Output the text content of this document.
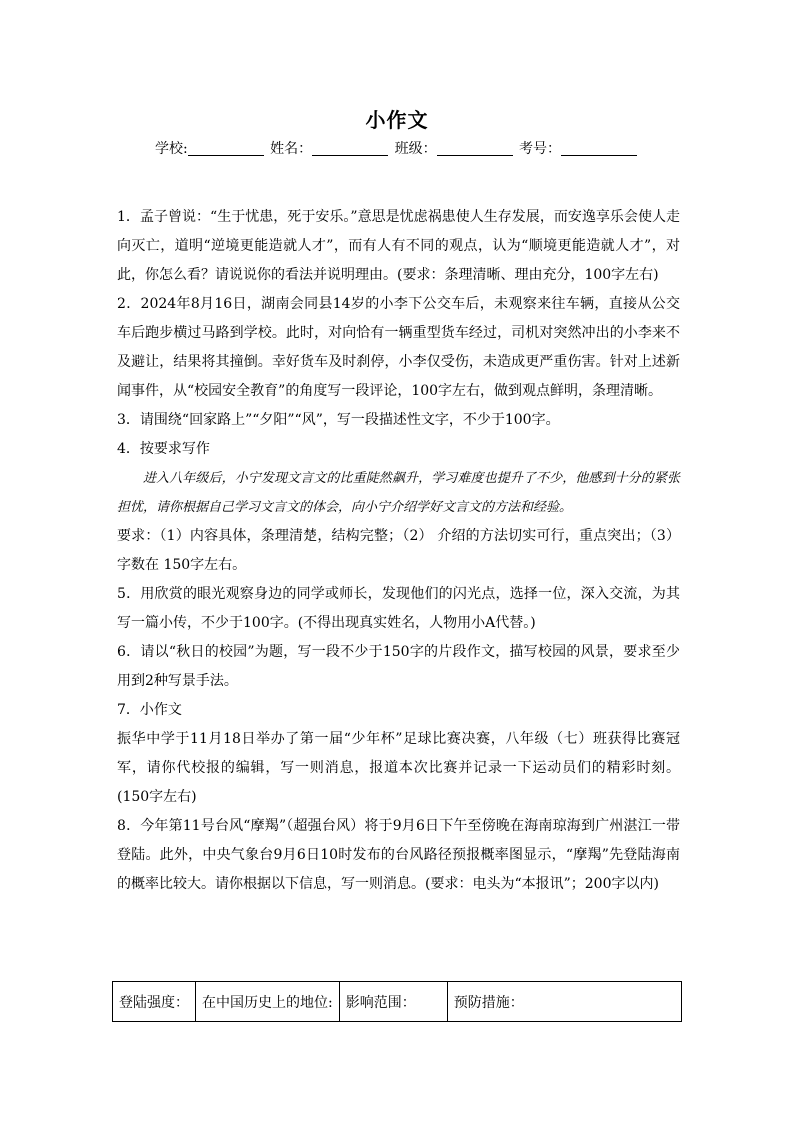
小作文
学校:	姓名：	班级：	考号：

1．孟子曾说：“生于忧患，死于安乐。”意思是忧虑祸患使人生存发展，而安逸享乐会使人走向灭亡，道明“逆境更能造就人才”，而有人有不同的观点，认为“顺境更能造就人才”，对此，你怎么看？请说说你的看法并说明理由。(要求：条理清晰、理由充分，100字左右)

2．2024年8月16日，湖南会同县14岁的小李下公交车后，未观察来往车辆，直接从公交车后跑步横过马路到学校。此时，对向恰有一辆重型货车经过，司机对突然冲出的小李来不及避让，结果将其撞倒。幸好货车及时刹停，小李仅受伤，未造成更严重伤害。针对上述新闻事件，从“校园安全教育”的角度写一段评论，100字左右，做到观点鲜明，条理清晰。

3．请围绕“回家路上”“夕阳”“风”，写一段描述性文字，不少于100字。

4．按要求写作

进入八年级后，小宁发现文言文的比重陡然飙升，学习难度也提升了不少，他感到十分的紧张担忧，请你根据自己学习文言文的体会，向小宁介绍学好文言文的方法和经验。

要求：（1）内容具体，条理清楚，结构完整；（2） 介绍的方法切实可行，重点突出；（3）字数在 150字左右。

5．用欣赏的眼光观察身边的同学或师长，发现他们的闪光点，选择一位，深入交流，为其写一篇小传，不少于100字。(不得出现真实姓名，人物用小A代替。)

6．请以“秋日的校园”为题，写一段不少于150字的片段作文，描写校园的风景，要求至少用到2种写景手法。

7．小作文

振华中学于11月18日举办了第一届“少年杯”足球比赛决赛，八年级（七）班获得比赛冠军，请你代校报的编辑，写一则消息，报道本次比赛并记录一下运动员们的精彩时刻。(150字左右)

8．今年第11号台风“摩羯”（超强台风）将于9月6日下午至傍晚在海南琼海到广州湛江一带登陆。此外，中央气象台9月6日10时发布的台风路径预报概率图显示，“摩羯”先登陆海南的概率比较大。请你根据以下信息，写一则消息。(要求：电头为“本报讯”；200字以内)

登陆强度：	在中国历史上的地位:	影响范围：	预防措施：
